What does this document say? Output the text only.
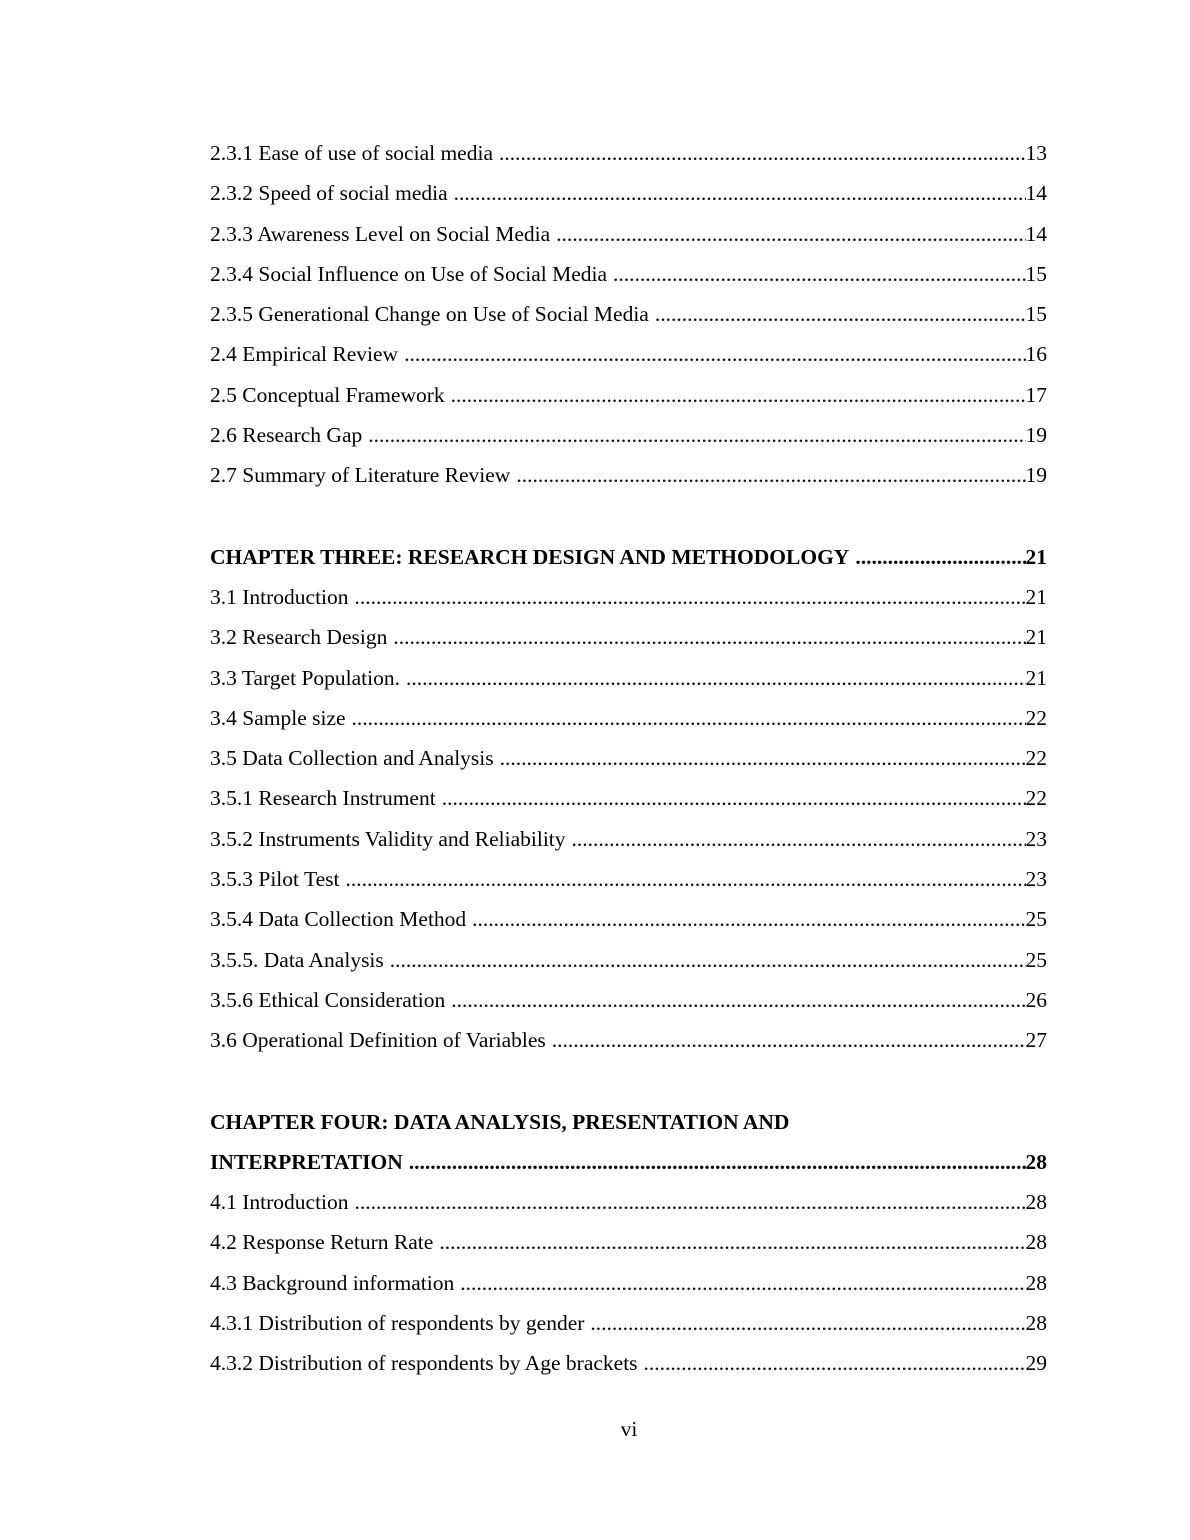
2.3.1 Ease of use of social media .....	13
2.3.2 Speed of social media .....	14
2.3.3 Awareness Level on Social Media .....	14
2.3.4 Social Influence on Use of Social Media .....	15
2.3.5 Generational Change on Use of Social Media .....	15
2.4 Empirical Review .....	16
2.5 Conceptual Framework .....	17
2.6 Research Gap .....	19
2.7 Summary of Literature Review .....	19
CHAPTER THREE: RESEARCH DESIGN AND METHODOLOGY .....	21
3.1 Introduction .....	21
3.2 Research Design .....	21
3.3 Target Population. .....	21
3.4 Sample size .....	22
3.5 Data Collection and Analysis .....	22
3.5.1 Research Instrument .....	22
3.5.2 Instruments Validity and Reliability .....	23
3.5.3 Pilot Test .....	23
3.5.4 Data Collection Method .....	25
3.5.5. Data Analysis .....	25
3.5.6 Ethical Consideration .....	26
3.6 Operational Definition of Variables .....	27
CHAPTER FOUR: DATA ANALYSIS, PRESENTATION AND
INTERPRETATION .....	28
4.1 Introduction .....	28
4.2 Response Return Rate .....	28
4.3 Background information .....	28
4.3.1 Distribution of respondents by gender .....	28
4.3.2 Distribution of respondents by Age brackets .....	29
vi
